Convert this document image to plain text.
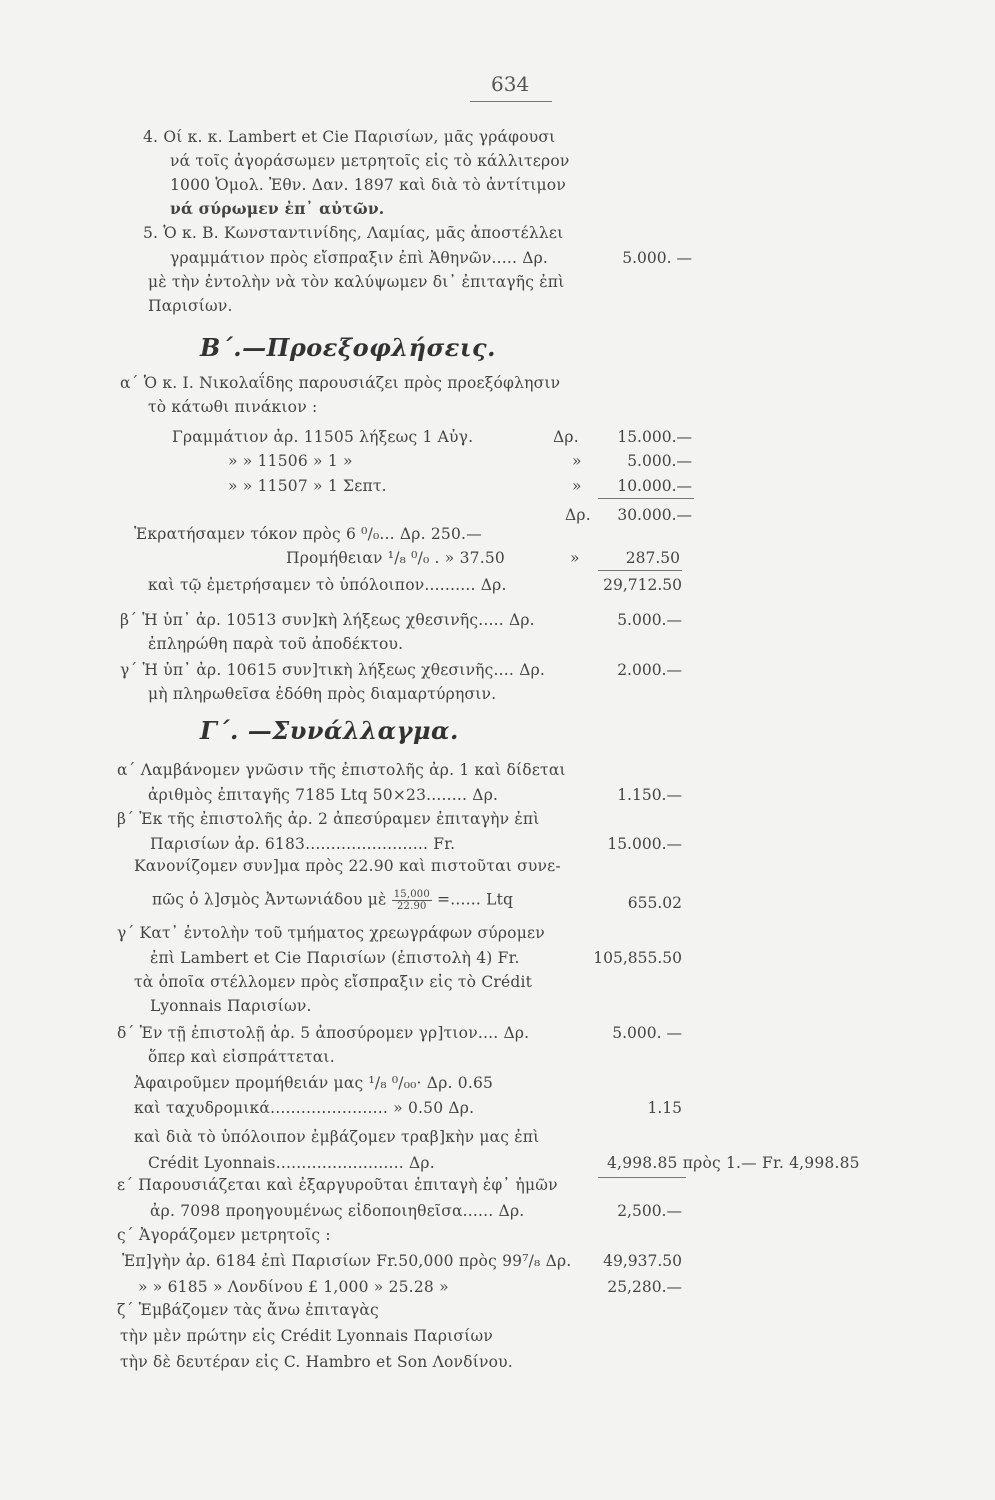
634
4. Οί κ. κ. Lambert et Cie Παρισίων, μᾶς γράφουσι
νά τοῖς ἀγοράσωμεν μετρητοῖς εἰς τὸ κάλλιτερον
1000 Ὁμολ. Ἐθν. Δαν. 1897 καὶ διὰ τὸ ἀντίτιμον
νά σύρωμεν ἐπ᾽ αὐτῶν.
5. Ὁ κ. Β. Κωνσταντινίδης, Λαμίας, μᾶς ἀποστέλλει
γραμμάτιον πρὸς εἴσπραξιν ἐπὶ Ἀθηνῶν..... Δρ.	5.000. —
μὲ τὴν ἐντολὴν νὰ τὸν καλύψωμεν δι᾽ ἐπιταγῆς ἐπὶ
Παρισίων.
Β΄.—Προεξοφλήσεις.
α΄ Ὁ κ. Ι. Νικολαΐδης παρουσιάζει πρὸς προεξόφλησιν
τὸ κάτωθι πινάκιον :
Γραμμάτιον ἀρ. 11505 λήξεως 1 Αὐγ.	Δρ.	15.000.—
» » 11506 » 1 »	»	5.000.—
» » 11507 » 1 Σεπτ.	»	10.000.—
Δρ.	30.000.—
Ἐκρατήσαμεν τόκον πρὸς 6 ⁰/₀... Δρ. 250.—
Προμήθειαν ¹/₈ ⁰/₀ . » 37.50	»	287.50
καὶ τῷ ἐμετρήσαμεν τὸ ὑπόλοιπον.......... Δρ.	29,712.50
β΄ Ἡ ὑπ᾽ ἀρ. 10513 συν]κὴ λήξεως χθεσινῆς..... Δρ.	5.000.—
ἐπληρώθη παρὰ τοῦ ἀποδέκτου.
γ΄ Ἡ ὑπ᾽ ἀρ. 10615 συν]τικὴ λήξεως χθεσινῆς.... Δρ.	2.000.—
μὴ πληρωθεῖσα ἐδόθη πρὸς διαμαρτύρησιν.
Γ΄. —Συνάλλαγμα.
α΄ Λαμβάνομεν γνῶσιν τῆς ἐπιστολῆς ἀρ. 1 καὶ δίδεται
ἀριθμὸς ἐπιταγῆς 7185 Ltq 50×23........ Δρ.	1.150.—
β΄ Ἐκ τῆς ἐπιστολῆς ἀρ. 2 ἀπεσύραμεν ἐπιταγὴν ἐπὶ
Παρισίων ἀρ. 6183........................ Fr.	15.000.—
Κανονίζομεν συν]μα πρὸς 22.90 καὶ πιστοῦται συνε-
πῶς ὁ λ]σμὸς Ἀντωνιάδου μὲ $\frac{15,000}{22.90}$ =...... Ltq	655.02
γ΄ Κατ᾽ ἐντολὴν τοῦ τμήματος χρεωγράφων σύρομεν
ἐπὶ Lambert et Cie Παρισίων (ἐπιστολὴ 4) Fr.	105,855.50
τὰ ὁποῖα στέλλομεν πρὸς εἴσπραξιν εἰς τὸ Crédit
Lyonnais Παρισίων.
δ΄ Ἐν τῇ ἐπιστολῇ ἀρ. 5 ἀποσύρομεν γρ]τιον.... Δρ.	5.000. —
ὅπερ καὶ εἰσπράττεται.
Ἀφαιροῦμεν προμήθειάν μας ¹/₈ ⁰/₀₀· Δρ. 0.65
καὶ ταχυδρομικά....................... » 0.50 Δρ.	1.15
καὶ διὰ τὸ ὑπόλοιπον ἐμβάζομεν τραβ]κὴν μας ἐπὶ
Crédit Lyonnais......................... Δρ.	4,998.85 πρὸς 1.— Fr. 4,998.85
ε΄ Παρουσιάζεται καὶ ἐξαργυροῦται ἐπιταγὴ ἐφ᾽ ἡμῶν
ἀρ. 7098 προηγουμένως εἰδοποιηθεῖσα...... Δρ.	2,500.—
ς΄ Ἀγοράζομεν μετρητοῖς :
Ἐπ]γὴν ἀρ. 6184 ἐπὶ Παρισίων Fr.50,000 πρὸς 99⁷/₈ Δρ.	49,937.50
» » 6185 » Λονδίνου £ 1,000 » 25.28 »	25,280.—
ζ΄ Ἐμβάζομεν τὰς ἄνω ἐπιταγὰς
τὴν μὲν πρώτην εἰς Crédit Lyonnais Παρισίων
τὴν δὲ δευτέραν εἰς C. Hambro et Son Λονδίνου.
